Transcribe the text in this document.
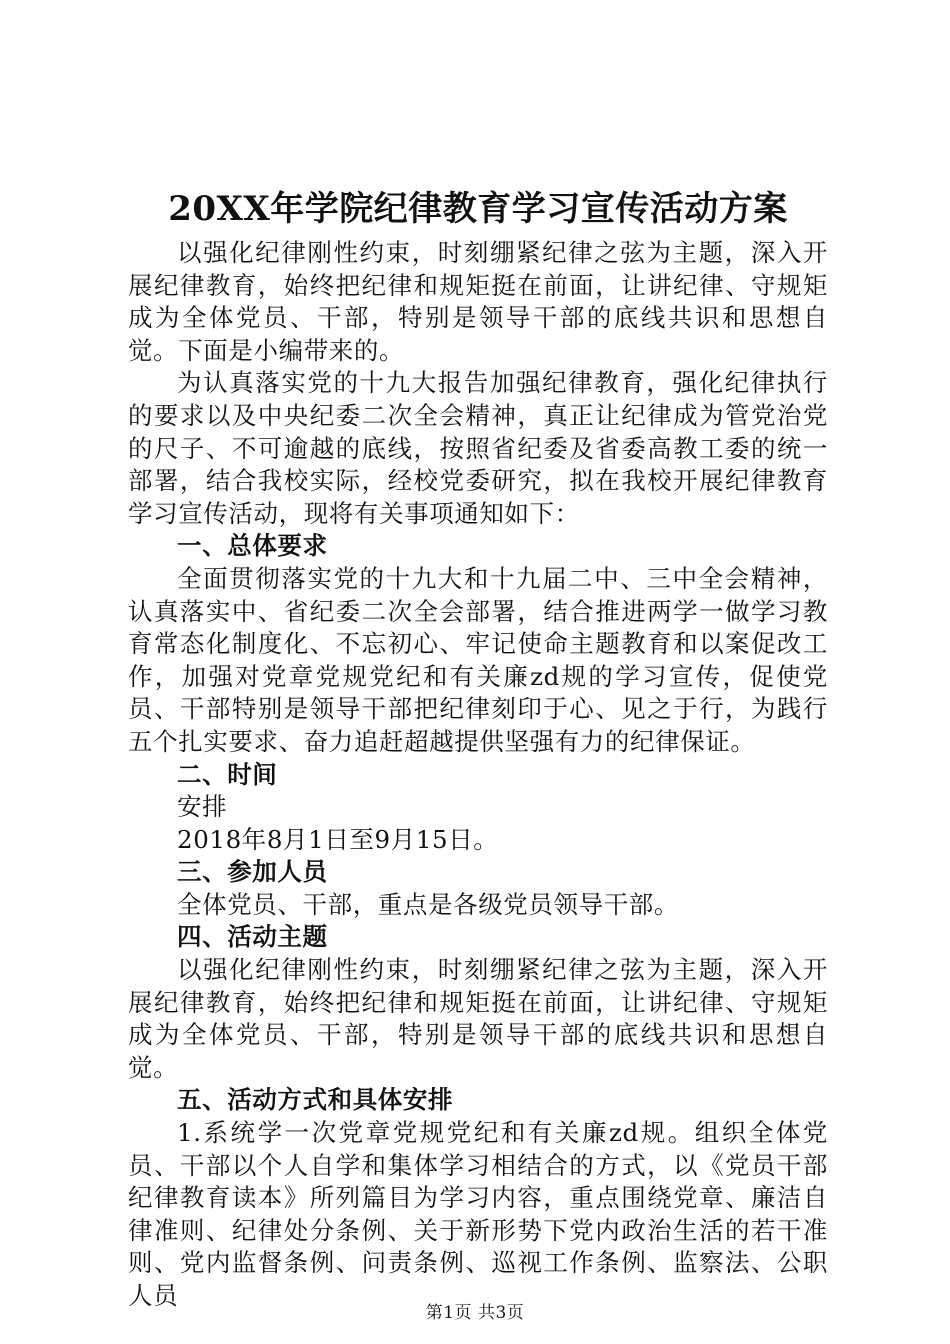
20XX年学院纪律教育学习宣传活动方案

以强化纪律刚性约束，时刻绷紧纪律之弦为主题，深入开展纪律教育，始终把纪律和规矩挺在前面，让讲纪律、守规矩成为全体党员、干部，特别是领导干部的底线共识和思想自觉。下面是小编带来的。

为认真落实党的十九大报告加强纪律教育，强化纪律执行的要求以及中央纪委二次全会精神，真正让纪律成为管党治党的尺子、不可逾越的底线，按照省纪委及省委高教工委的统一部署，结合我校实际，经校党委研究，拟在我校开展纪律教育学习宣传活动，现将有关事项通知如下：

一、总体要求

全面贯彻落实党的十九大和十九届二中、三中全会精神，认真落实中、省纪委二次全会部署，结合推进两学一做学习教育常态化制度化、不忘初心、牢记使命主题教育和以案促改工作，加强对党章党规党纪和有关廉zd规的学习宣传，促使党员、干部特别是领导干部把纪律刻印于心、见之于行，为践行五个扎实要求、奋力追赶超越提供坚强有力的纪律保证。

二、时间

安排

2018年8月1日至9月15日。

三、参加人员

全体党员、干部，重点是各级党员领导干部。

四、活动主题

以强化纪律刚性约束，时刻绷紧纪律之弦为主题，深入开展纪律教育，始终把纪律和规矩挺在前面，让讲纪律、守规矩成为全体党员、干部，特别是领导干部的底线共识和思想自觉。

五、活动方式和具体安排

1.系统学一次党章党规党纪和有关廉zd规。组织全体党员、干部以个人自学和集体学习相结合的方式，以《党员干部纪律教育读本》所列篇目为学习内容，重点围绕党章、廉洁自律准则、纪律处分条例、关于新形势下党内政治生活的若干准则、党内监督条例、问责条例、巡视工作条例、监察法、公职人员

第1页 共3页
